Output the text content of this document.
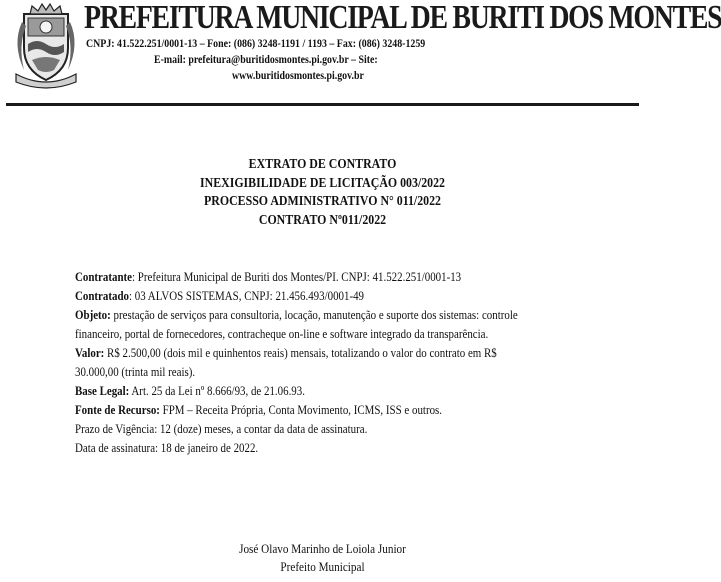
PREFEITURA MUNICIPAL DE BURITI DOS MONTES
CNPJ: 41.522.251/0001-13 – Fone: (086) 3248-1191 / 1193 – Fax: (086) 3248-1259
E-mail: prefeitura@buritidosmontes.pi.gov.br – Site:
www.buritidosmontes.pi.gov.br
EXTRATO DE CONTRATO
INEXIGIBILIDADE DE LICITAÇÃO 003/2022
PROCESSO ADMINISTRATIVO N° 011/2022
CONTRATO Nº011/2022
Contratante: Prefeitura Municipal de Buriti dos Montes/PI. CNPJ: 41.522.251/0001-13
Contratado: 03 ALVOS SISTEMAS, CNPJ: 21.456.493/0001-49
Objeto: prestação de serviços para consultoria, locação, manutenção e suporte dos sistemas: controle
financeiro, portal de fornecedores, contracheque on-line e software integrado da transparência.
Valor: R$ 2.500,00 (dois mil e quinhentos reais) mensais, totalizando o valor do contrato em R$
30.000,00 (trinta mil reais).
Base Legal: Art. 25 da Lei nº 8.666/93, de 21.06.93.
Fonte de Recurso: FPM – Receita Própria, Conta Movimento, ICMS, ISS e outros.
Prazo de Vigência: 12 (doze) meses, a contar da data de assinatura.
Data de assinatura: 18 de janeiro de 2022.
José Olavo Marinho de Loiola Junior
Prefeito Municipal
